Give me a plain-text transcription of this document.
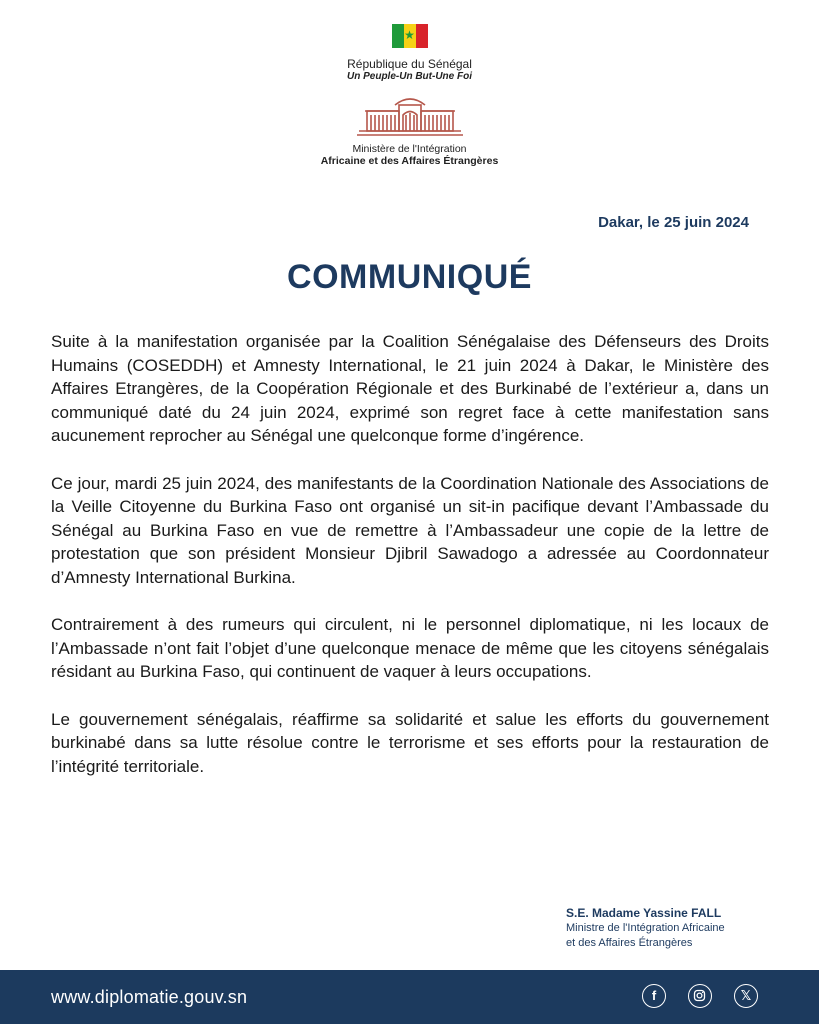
★
République du Sénégal
Un Peuple-Un But-Une Foi
Ministère de l'Intégration
Africaine et des Affaires Étrangères
Dakar, le 25 juin 2024
COMMUNIQUÉ

Suite à la manifestation organisée par la Coalition Sénégalaise des Défenseurs des Droits Humains (COSEDDH) et Amnesty International, le 21 juin 2024 à Dakar, le Ministère des Affaires Etrangères, de la Coopération Régionale et des Burkinabé de l’extérieur a, dans un communiqué daté du 24 juin 2024, exprimé son regret face à cette manifestation sans aucunement reprocher au Sénégal une quelconque forme d’ingérence.

Ce jour, mardi 25 juin 2024, des manifestants de la Coordination Nationale des Associations de la Veille Citoyenne du Burkina Faso ont organisé un sit-in pacifique devant l’Ambassade du Sénégal au Burkina Faso en vue de remettre à l’Ambassadeur une copie de la lettre de protestation que son président Monsieur Djibril Sawadogo a adressée au Coordonnateur d’Amnesty International Burkina.

Contrairement à des rumeurs qui circulent, ni le personnel diplomatique, ni les locaux de l’Ambassade n’ont fait l’objet d’une quelconque menace de même que les citoyens sénégalais résidant au Burkina Faso, qui continuent de vaquer à leurs occupations.

Le gouvernement sénégalais, réaffirme sa solidarité et salue les efforts du gouvernement burkinabé dans sa lutte résolue contre le terrorisme et ses efforts pour la restauration de l’intégrité territoriale.

S.E. Madame Yassine FALL
Ministre de l'Intégration Africaine
et des Affaires Étrangères
www.diplomatie.gouv.sn	f	𝕏
